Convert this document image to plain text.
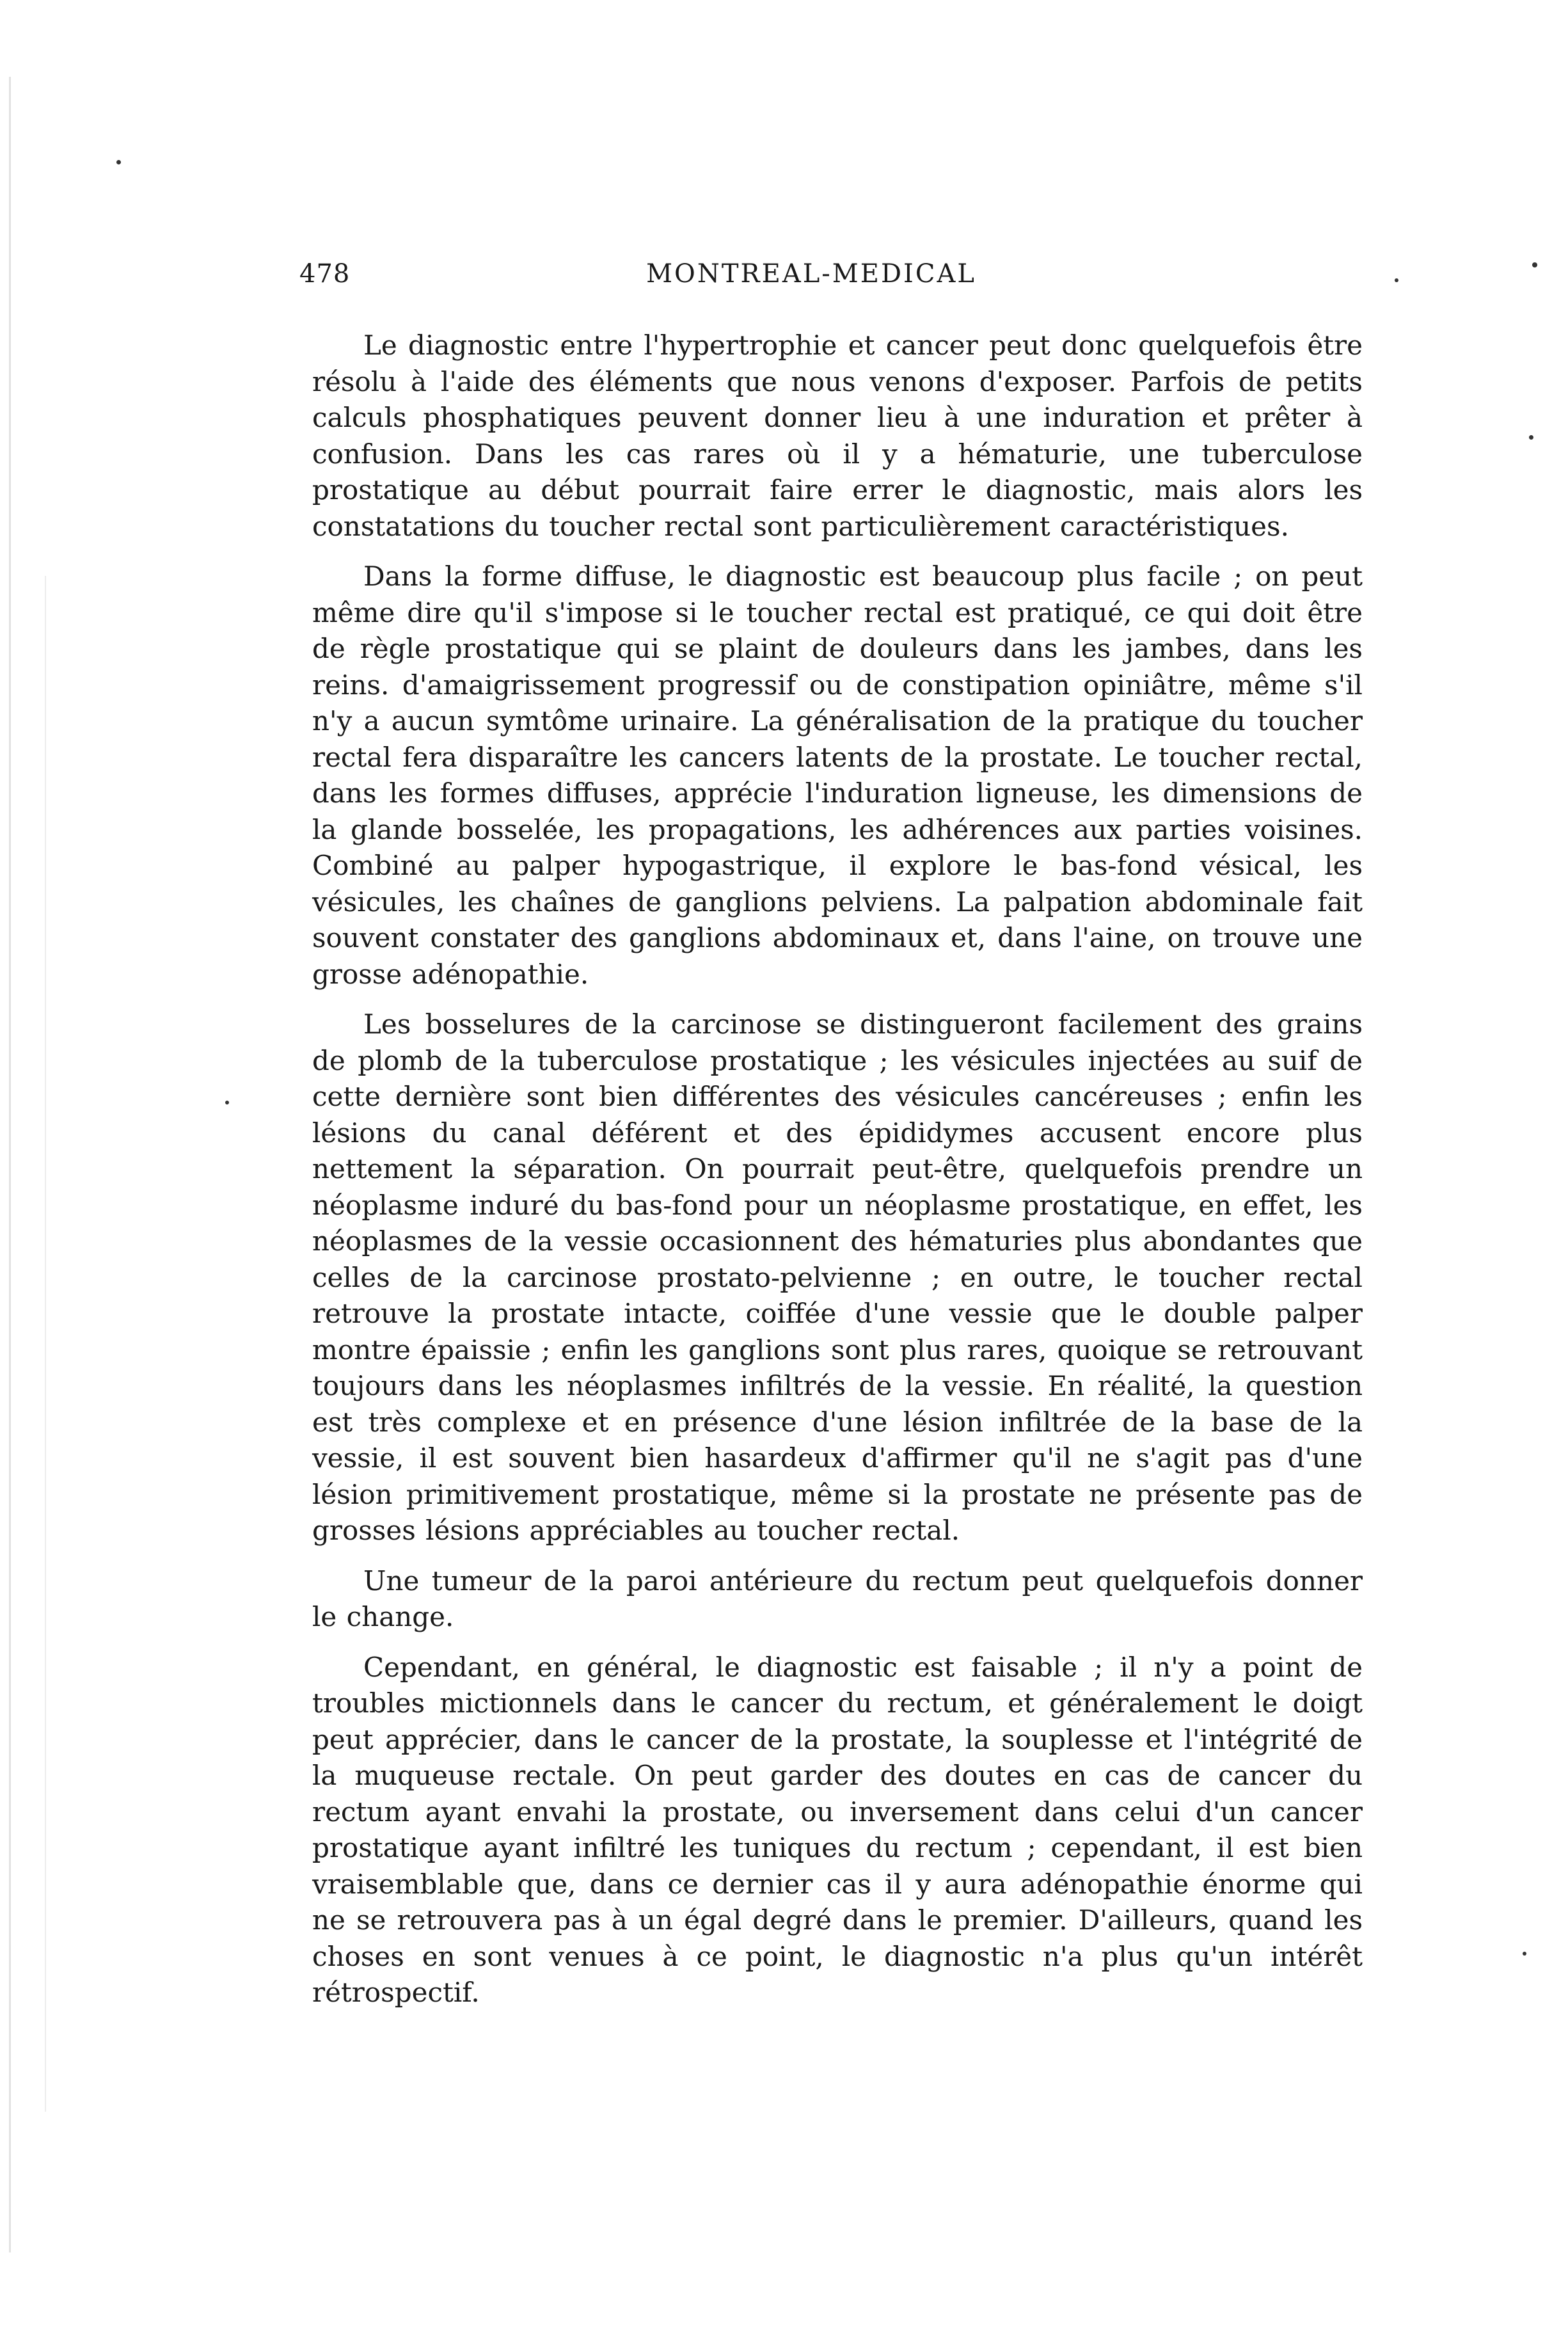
478	MONTREAL-MEDICAL

Le diagnostic entre l'hypertrophie et cancer peut donc quelquefois être résolu à l'aide des éléments que nous venons d'exposer. Parfois de petits calculs phosphatiques peuvent donner lieu à une induration et prêter à confusion. Dans les cas rares où il y a hématurie, une tuberculose prostatique au début pourrait faire errer le diagnostic, mais alors les constatations du toucher rectal sont particulièrement caractéristiques.

Dans la forme diffuse, le diagnostic est beaucoup plus facile ; on peut même dire qu'il s'impose si le toucher rectal est pratiqué, ce qui doit être de règle prostatique qui se plaint de douleurs dans les jambes, dans les reins. d'amaigrissement progressif ou de constipation opiniâtre, même s'il n'y a aucun symtôme urinaire. La généralisation de la pratique du toucher rectal fera disparaître les cancers latents de la prostate. Le toucher rectal, dans les formes diffuses, apprécie l'induration ligneuse, les dimensions de la glande bosselée, les propagations, les adhérences aux parties voisines. Combiné au palper hypogastrique, il explore le bas-fond vésical, les vésicules, les chaînes de ganglions pelviens. La palpation abdominale fait souvent constater des ganglions abdominaux et, dans l'aine, on trouve une grosse adénopathie.

Les bosselures de la carcinose se distingueront facilement des grains de plomb de la tuberculose prostatique ; les vésicules injectées au suif de cette dernière sont bien différentes des vésicules cancéreuses ; enfin les lésions du canal déférent et des épididymes accusent encore plus nettement la séparation. On pourrait peut-être, quelquefois prendre un néoplasme induré du bas-fond pour un néoplasme prostatique, en effet, les néoplasmes de la vessie occasionnent des hématuries plus abondantes que celles de la carcinose prostato-pelvienne ; en outre, le toucher rectal retrouve la prostate intacte, coiffée d'une vessie que le double palper montre épaissie ; enfin les ganglions sont plus rares, quoique se retrouvant toujours dans les néoplasmes infiltrés de la vessie. En réalité, la question est très complexe et en présence d'une lésion infiltrée de la base de la vessie, il est souvent bien hasardeux d'affirmer qu'il ne s'agit pas d'une lésion primitivement prostatique, même si la prostate ne présente pas de grosses lésions appréciables au toucher rectal.

Une tumeur de la paroi antérieure du rectum peut quelquefois donner le change.

Cependant, en général, le diagnostic est faisable ; il n'y a point de troubles mictionnels dans le cancer du rectum, et généralement le doigt peut apprécier, dans le cancer de la prostate, la souplesse et l'intégrité de la muqueuse rectale. On peut garder des doutes en cas de cancer du rectum ayant envahi la prostate, ou inversement dans celui d'un cancer prostatique ayant infiltré les tuniques du rectum ; cependant, il est bien vraisemblable que, dans ce dernier cas il y aura adénopathie énorme qui ne se retrouvera pas à un égal degré dans le premier. D'ailleurs, quand les choses en sont venues à ce point, le diagnostic n'a plus qu'un intérêt rétrospectif.
